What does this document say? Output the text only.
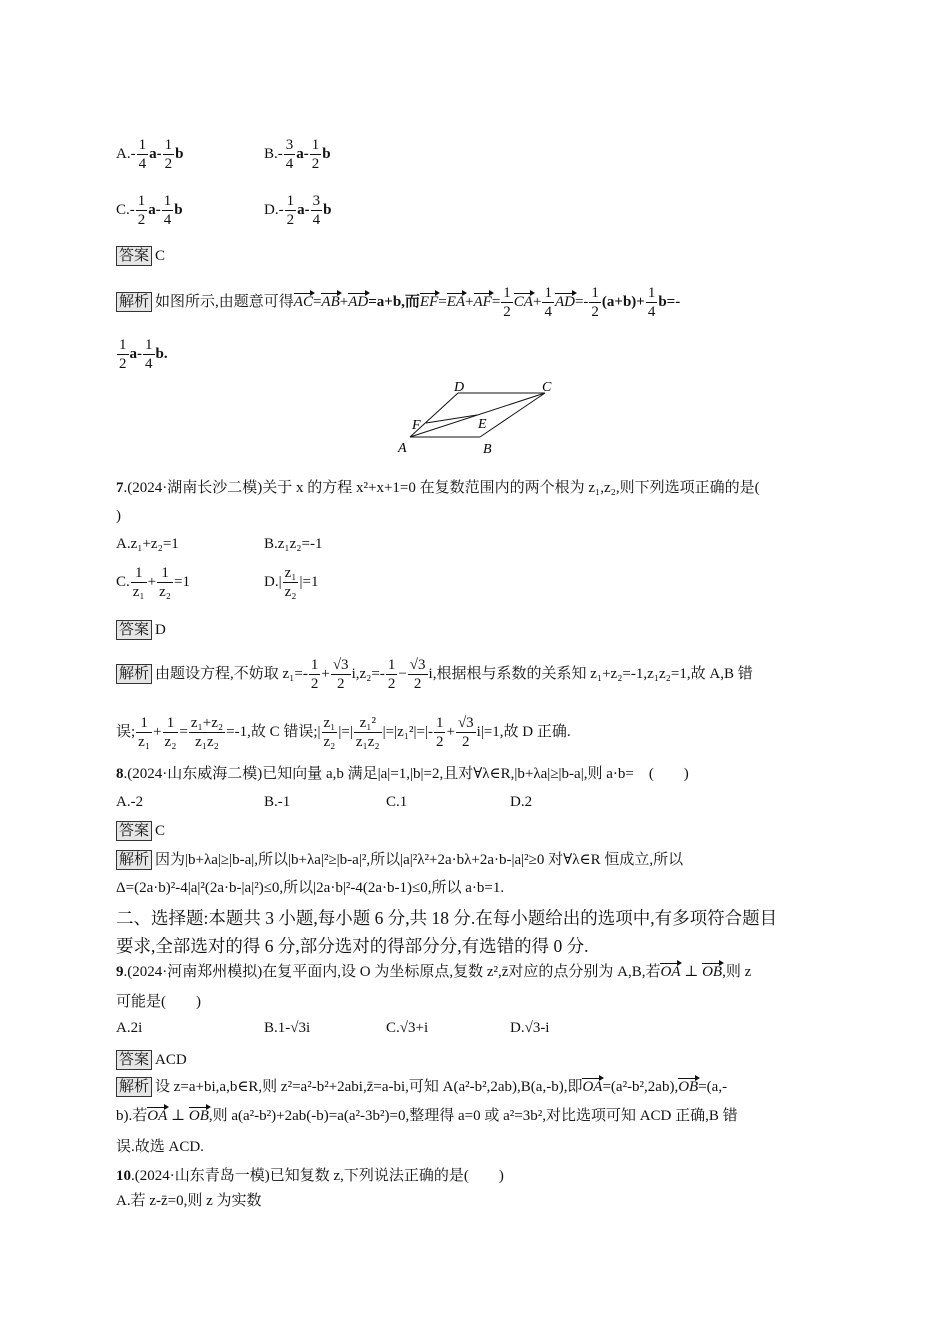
$A.- \frac{1}{4} a- \frac{1}{2}$ b	$B.- \frac{3}{4} a- \frac{1}{2}$ b
$C.- \frac{1}{2} a- \frac{1}{4}$ b	$D.- \frac{1}{2} a- \frac{3}{4}$ b
答案 C
解析 如图所示,由题意可得AC=AB+AD=a+b,而$EF=EA+AF= \frac{1}{2} CA+ \frac{1}{4} AD=- \frac{1}{2} (a+b)+ \frac{1}{4} b=-$
$\frac{1}{2} a- \frac{1}{4} b$.
A	B
C
D
E
F
7.(2024·湖南长沙二模)关于 x 的方程 x²+x+1=0 在复数范围内的两个根为 z₁,z₂,则下列选项正确的是(
)
A.z₁+z₂=1	B.z₁z₂=-1
C. $\frac{1}{\text{z₁}} + \frac{1}{\text{z₂}} =1$	$D.| \frac{\text{z₁}}{\text{z₂}} |=1$
答案 D
解析 由题设方程,不妨取 $z_1=- \frac{1}{2} + \frac{√3}{2} i,z_2=- \frac{1}{2} - \frac{√3}{2} i$,根据根与系数的关系知 z₁+z₂=-1,z₁z₂=1,故 A,B 错
误; $\frac{1}{\text{z₁}} + \frac{1}{\text{z₂}} = \frac{\text{z₁+z₂}}{\text{z₁z₂}} =-1$,故 C 错误;| $\frac{\text{z₁}}{\text{z₂}}$ |=| $\frac{\text{z₁²}}{\text{z₁z₂}} |=|z_1^2|=|- \frac{1}{2} + \frac{√3}{2} i|=1$,故 D 正确.
8.(2024·山东威海二模)已知向量 a,b 满足|a|=1,|b|=2,且对∀λ∈R,|b+λa|≥|b-a|,则 a·b=　(　　)
A.-2	B.-1	C.1	D.2
答案 C
解析 因为|b+λa|≥|b-a|,所以|b+λa|²≥|b-a|²,所以|a|²λ²+2a·bλ+2a·b-|a|²≥0 对∀λ∈R 恒成立,所以
Δ=(2a·b)²-4|a|²(2a·b-|a|²)≤0,所以|2a·b|²-4(2a·b-1)≤0,所以 a·b=1.
二、选择题:本题共 3 小题,每小题 6 分,共 18 分.在每小题给出的选项中,有多项符合题目
要求,全部选对的得 6 分,部分选对的得部分分,有选错的得 0 分.
9.(2024·河南郑州模拟)在复平面内,设 O 为坐标原点,复数 z²,z̄对应的点分别为 A,B,若OA ⊥ OB,则 z
可能是(　　)
A.2i	B.1-√3i	C.√3+i	D.√3-i
答案 ACD
解析 设 z=a+bi,a,b∈R,则 z²=a²-b²+2abi,z̄=a-bi,可知 A(a²-b²,2ab),B(a,-b),即OA=(a²-b²,2ab),OB=(a,-
b).若OA ⊥ OB,则 a(a²-b²)+2ab(-b)=a(a²-3b²)=0,整理得 a=0 或 a²=3b²,对比选项可知 ACD 正确,B 错
误.故选 ACD.
10.(2024·山东青岛一模)已知复数 z,下列说法正确的是(　　)
A.若 z-z̄=0,则 z 为实数
